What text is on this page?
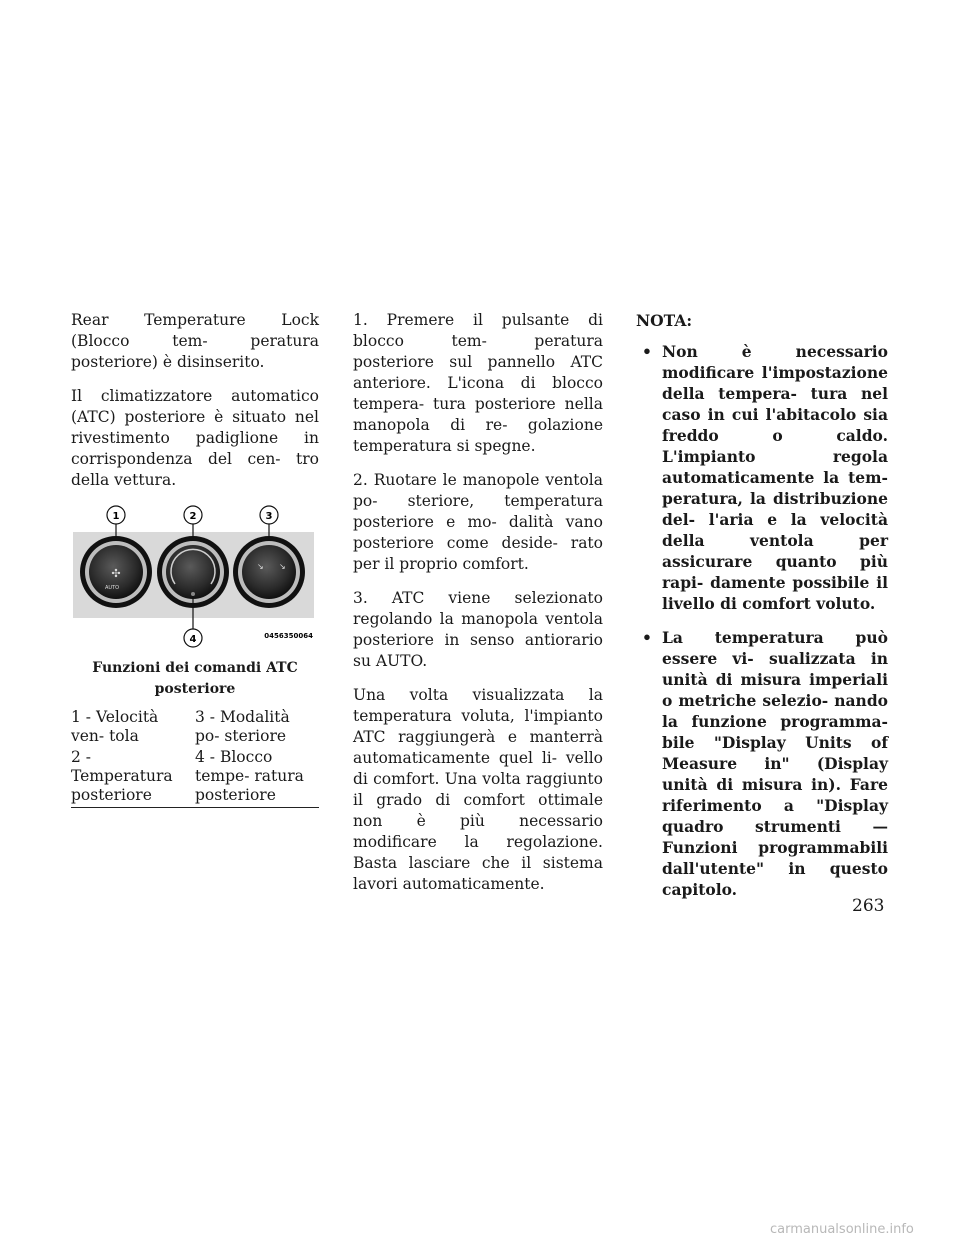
Rear Temperature Lock (Blocco tem- peratura posteriore) è disinserito.

Il climatizzatore automatico (ATC) posteriore è situato nel rivestimento padiglione in corrispondenza del cen- tro della vettura.

✣
AUTO
↘ ↘
1	2	3
4	0456350064
Funzioni dei comandi ATC posteriore
1 - Velocità ven- tola	3 - Modalità po- steriore
2 - Temperatura posteriore	4 - Blocco tempe- ratura posteriore

1. Premere il pulsante di blocco tem- peratura posteriore sul pannello ATC anteriore. L'icona di blocco tempera- tura posteriore nella manopola di re- golazione temperatura si spegne.

2. Ruotare le manopole ventola po- steriore, temperatura posteriore e mo- dalità vano posteriore come deside- rato per il proprio comfort.

3. ATC viene selezionato regolando la manopola ventola posteriore in senso antiorario su AUTO.

Una volta visualizzata la temperatura voluta, l'impianto ATC raggiungerà e manterrà automaticamente quel li- vello di comfort. Una volta raggiunto il grado di comfort ottimale non è più necessario modificare la regolazione. Basta lasciare che il sistema lavori automaticamente.

NOTA:
• Non è necessario modificare l'impostazione della tempera- tura nel caso in cui l'abitacolo sia freddo o caldo. L'impianto regola automaticamente la tem- peratura, la distribuzione del- l'aria e la velocità della ventola per assicurare quanto più rapi- damente possibile il livello di comfort voluto.
• La temperatura può essere vi- sualizzata in unità di misura imperiali o metriche selezio- nando la funzione programma- bile "Display Units of Measure in" (Display unità di misura in). Fare riferimento a "Display quadro strumenti — Funzioni programmabili dall'utente" in questo capitolo.
263
carmanualsonline.info
